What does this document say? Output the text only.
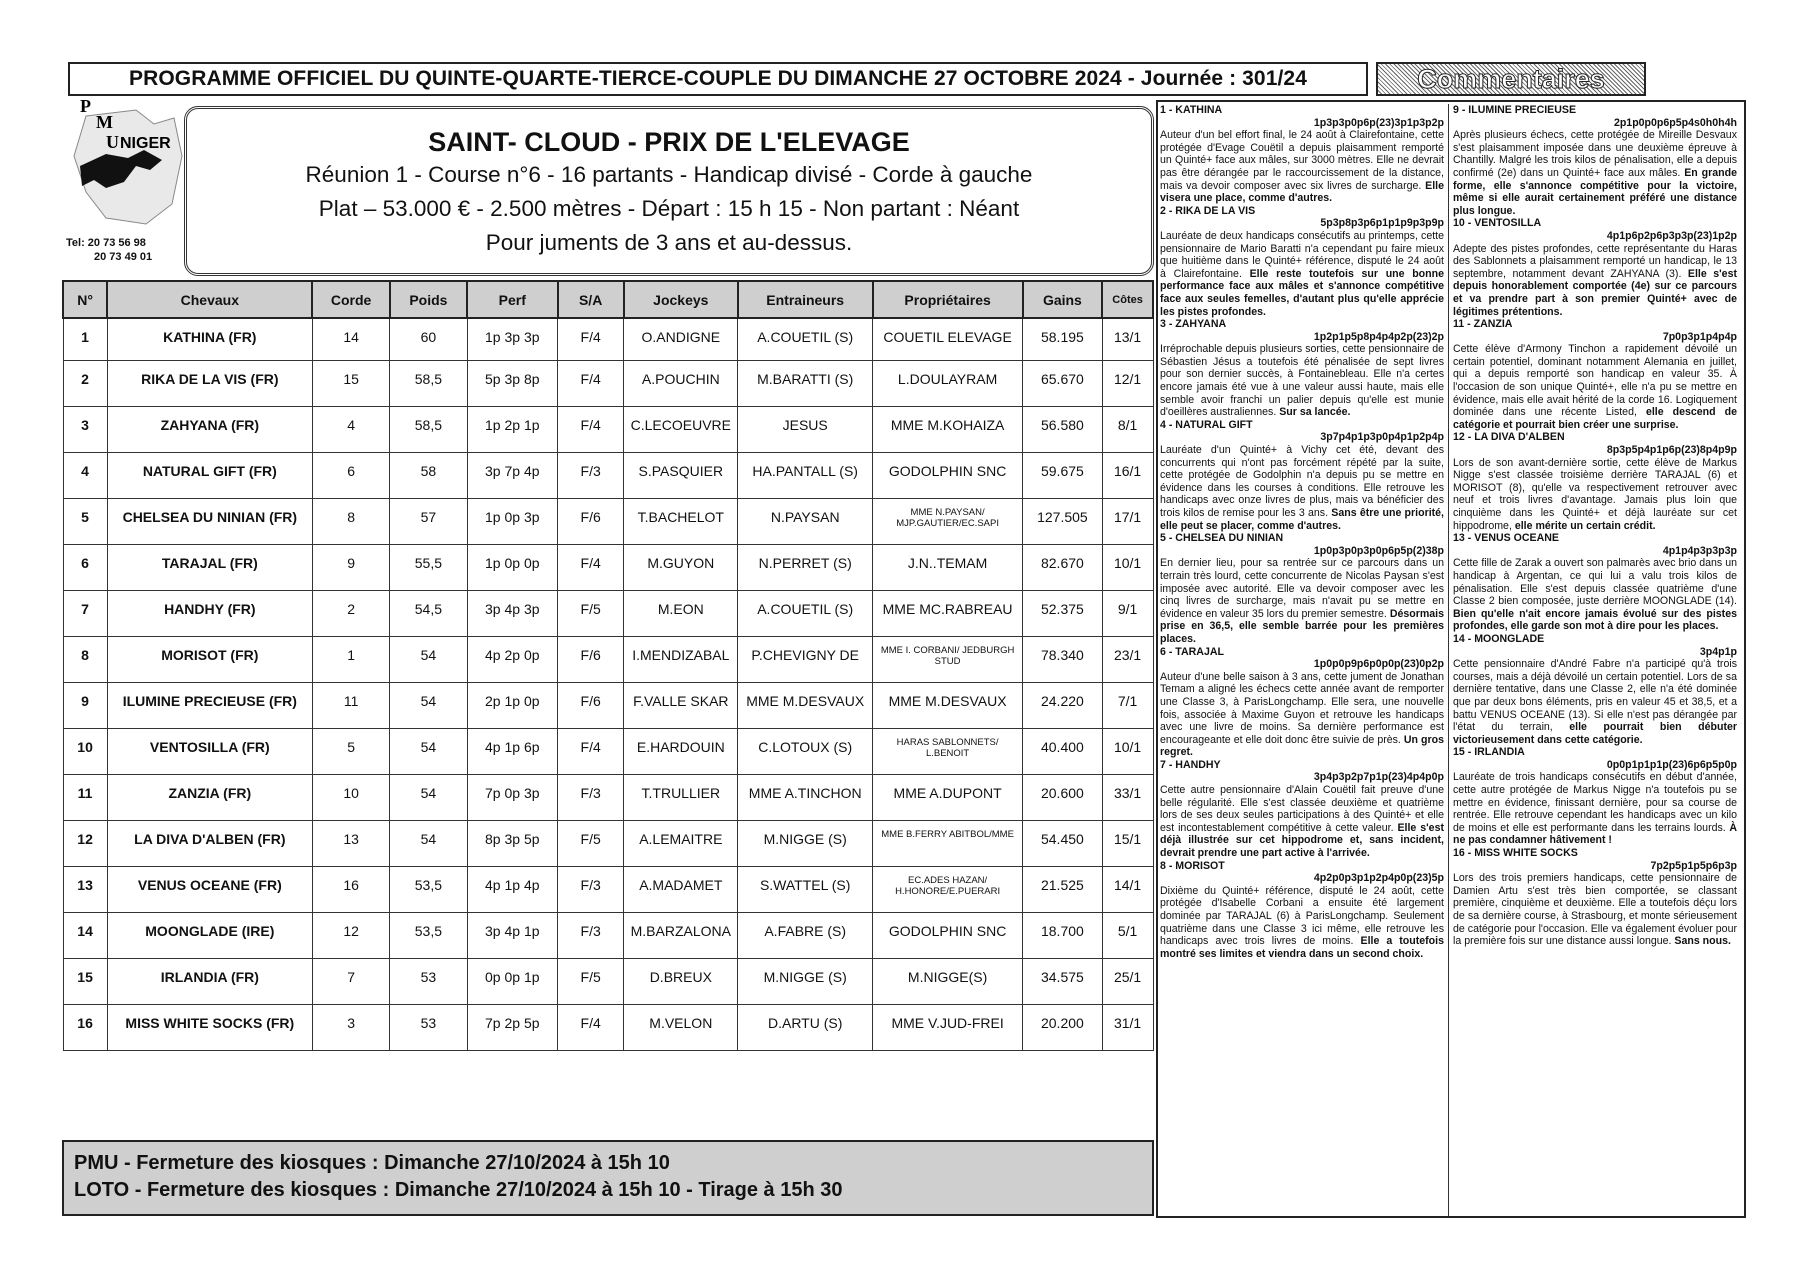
PROGRAMME OFFICIEL DU QUINTE-QUARTE-TIERCE-COUPLE DU DIMANCHE 27 OCTOBRE 2024 - Journée : 301/24	Commentaires
P
M
U NIGER
Tel: 20 73 56 98
20 73 49 01
SAINT- CLOUD - PRIX DE L'ELEVAGE
Réunion 1 - Course n°6 - 16 partants - Handicap divisé - Corde à gauche
Plat – 53.000 € - 2.500 mètres - Départ : 15 h 15 - Non partant : Néant
Pour juments de 3 ans et au-dessus.
N°	Chevaux	Corde	Poids	Perf	S/A	Jockeys	Entraineurs	Propriétaires	Gains	Côtes
1	KATHINA (FR)	14	60	1p 3p 3p	F/4	O.ANDIGNE	A.COUETIL (S)	COUETIL ELEVAGE	58.195	13/1
2	RIKA DE LA VIS (FR)	15	58,5	5p 3p 8p	F/4	A.POUCHIN	M.BARATTI (S)	L.DOULAYRAM	65.670	12/1
3	ZAHYANA (FR)	4	58,5	1p 2p 1p	F/4	C.LECOEUVRE	JESUS	MME M.KOHAIZA	56.580	8/1
4	NATURAL GIFT (FR)	6	58	3p 7p 4p	F/3	S.PASQUIER	HA.PANTALL (S)	GODOLPHIN SNC	59.675	16/1
5	CHELSEA DU NINIAN (FR)	8	57	1p 0p 3p	F/6	T.BACHELOT	N.PAYSAN	MME N.PAYSAN/ MJP.GAUTIER/EC.SAPI	127.505	17/1
6	TARAJAL (FR)	9	55,5	1p 0p 0p	F/4	M.GUYON	N.PERRET (S)	J.N..TEMAM	82.670	10/1
7	HANDHY (FR)	2	54,5	3p 4p 3p	F/5	M.EON	A.COUETIL (S)	MME MC.RABREAU	52.375	9/1
8	MORISOT (FR)	1	54	4p 2p 0p	F/6	I.MENDIZABAL	P.CHEVIGNY DE	MME I. CORBANI/ JEDBURGH STUD	78.340	23/1
9	ILUMINE PRECIEUSE (FR)	11	54	2p 1p 0p	F/6	F.VALLE SKAR	MME M.DESVAUX	MME M.DESVAUX	24.220	7/1
10	VENTOSILLA (FR)	5	54	4p 1p 6p	F/4	E.HARDOUIN	C.LOTOUX (S)	HARAS SABLONNETS/ L.BENOIT	40.400	10/1
11	ZANZIA (FR)	10	54	7p 0p 3p	F/3	T.TRULLIER	MME A.TINCHON	MME A.DUPONT	20.600	33/1
12	LA DIVA D'ALBEN (FR)	13	54	8p 3p 5p	F/5	A.LEMAITRE	M.NIGGE (S)	MME B.FERRY ABITBOL/MME	54.450	15/1
13	VENUS OCEANE (FR)	16	53,5	4p 1p 4p	F/3	A.MADAMET	S.WATTEL (S)	EC.ADES HAZAN/ H.HONORE/E.PUERARI	21.525	14/1
14	MOONGLADE (IRE)	12	53,5	3p 4p 1p	F/3	M.BARZALONA	A.FABRE (S)	GODOLPHIN SNC	18.700	5/1
15	IRLANDIA (FR)	7	53	0p 0p 1p	F/5	D.BREUX	M.NIGGE (S)	M.NIGGE(S)	34.575	25/1
16	MISS WHITE SOCKS (FR)	3	53	7p 2p 5p	F/4	M.VELON	D.ARTU (S)	MME V.JUD-FREI	20.200	31/1
PMU - Fermeture des kiosques : Dimanche 27/10/2024 à 15h 10
LOTO - Fermeture des kiosques : Dimanche 27/10/2024 à 15h 10 - Tirage à 15h 30
1 - KATHINA
1p3p3p0p6p(23)3p1p3p2p
Auteur d'un bel effort final, le 24 août à Clairefontaine, cette protégée d'Evage Couëtil a depuis plaisamment remporté un Quinté+ face aux mâles, sur 3000 mètres. Elle ne devrait pas être dérangée par le raccourcissement de la distance, mais va devoir composer avec six livres de surcharge. Elle visera une place, comme d'autres.
2 - RIKA DE LA VIS
5p3p8p3p6p1p1p9p3p9p
Lauréate de deux handicaps consécutifs au printemps, cette pensionnaire de Mario Baratti n'a cependant pu faire mieux que huitième dans le Quinté+ référence, disputé le 24 août à Clairefontaine. Elle reste toutefois sur une bonne performance face aux mâles et s'annonce compétitive face aux seules femelles, d'autant plus qu'elle apprécie les pistes profondes.
3 - ZAHYANA
1p2p1p5p8p4p4p2p(23)2p
Irréprochable depuis plusieurs sorties, cette pensionnaire de Sébastien Jésus a toutefois été pénalisée de sept livres pour son dernier succès, à Fontainebleau. Elle n'a certes encore jamais été vue à une valeur aussi haute, mais elle semble avoir franchi un palier depuis qu'elle est munie d'oeillères australiennes. Sur sa lancée.
4 - NATURAL GIFT
3p7p4p1p3p0p4p1p2p4p
Lauréate d'un Quinté+ à Vichy cet été, devant des concurrents qui n'ont pas forcément répété par la suite, cette protégée de Godolphin n'a depuis pu se mettre en évidence dans les courses à conditions. Elle retrouve les handicaps avec onze livres de plus, mais va bénéficier des trois kilos de remise pour les 3 ans. Sans être une priorité, elle peut se placer, comme d'autres.
5 - CHELSEA DU NINIAN
1p0p3p0p3p0p6p5p(2)38p
En dernier lieu, pour sa rentrée sur ce parcours dans un terrain très lourd, cette concurrente de Nicolas Paysan s'est imposée avec autorité. Elle va devoir composer avec les cinq livres de surcharge, mais n'avait pu se mettre en évidence en valeur 35 lors du premier semestre. Désormais prise en 36,5, elle semble barrée pour les premières places.
6 - TARAJAL
1p0p0p9p6p0p0p(23)0p2p
Auteur d'une belle saison à 3 ans, cette jument de Jonathan Temam a aligné les échecs cette année avant de remporter une Classe 3, à ParisLongchamp. Elle sera, une nouvelle fois, associée à Maxime Guyon et retrouve les handicaps avec une livre de moins. Sa dernière performance est encourageante et elle doit donc être suivie de près. Un gros regret.
7 - HANDHY
3p4p3p2p7p1p(23)4p4p0p
Cette autre pensionnaire d'Alain Couëtil fait preuve d'une belle régularité. Elle s'est classée deuxième et quatrième lors de ses deux seules participations à des Quinté+ et elle est incontestablement compétitive à cette valeur. Elle s'est déjà illustrée sur cet hippodrome et, sans incident, devrait prendre une part active à l'arrivée.
8 - MORISOT
4p2p0p3p1p2p4p0p(23)5p
Dixième du Quinté+ référence, disputé le 24 août, cette protégée d'Isabelle Corbani a ensuite été largement dominée par TARAJAL (6) à ParisLongchamp. Seulement quatrième dans une Classe 3 ici même, elle retrouve les handicaps avec trois livres de moins. Elle a toutefois montré ses limites et viendra dans un second choix.
9 - ILUMINE PRECIEUSE
2p1p0p0p6p5p4s0h0h4h
Après plusieurs échecs, cette protégée de Mireille Desvaux s'est plaisamment imposée dans une deuxième épreuve à Chantilly. Malgré les trois kilos de pénalisation, elle a depuis confirmé (2e) dans un Quinté+ face aux mâles. En grande forme, elle s'annonce compétitive pour la victoire, même si elle aurait certainement préféré une distance plus longue.
10 - VENTOSILLA
4p1p6p2p6p3p3p(23)1p2p
Adepte des pistes profondes, cette représentante du Haras des Sablonnets a plaisamment remporté un handicap, le 13 septembre, notamment devant ZAHYANA (3). Elle s'est depuis honorablement comportée (4e) sur ce parcours et va prendre part à son premier Quinté+ avec de légitimes prétentions.
11 - ZANZIA
7p0p3p1p4p4p
Cette élève d'Armony Tinchon a rapidement dévoilé un certain potentiel, dominant notamment Alemania en juillet, qui a depuis remporté son handicap en valeur 35. À l'occasion de son unique Quinté+, elle n'a pu se mettre en évidence, mais elle avait hérité de la corde 16. Logiquement dominée dans une récente Listed, elle descend de catégorie et pourrait bien créer une surprise.
12 - LA DIVA D'ALBEN
8p3p5p4p1p6p(23)8p4p9p
Lors de son avant-dernière sortie, cette élève de Markus Nigge s'est classée troisième derrière TARAJAL (6) et MORISOT (8), qu'elle va respectivement retrouver avec neuf et trois livres d'avantage. Jamais plus loin que cinquième dans les Quinté+ et déjà lauréate sur cet hippodrome, elle mérite un certain crédit.
13 - VENUS OCEANE
4p1p4p3p3p3p
Cette fille de Zarak a ouvert son palmarès avec brio dans un handicap à Argentan, ce qui lui a valu trois kilos de pénalisation. Elle s'est depuis classée quatrième d'une Classe 2 bien composée, juste derrière MOONGLADE (14). Bien qu'elle n'ait encore jamais évolué sur des pistes profondes, elle garde son mot à dire pour les places.
14 - MOONGLADE
3p4p1p
Cette pensionnaire d'André Fabre n'a participé qu'à trois courses, mais a déjà dévoilé un certain potentiel. Lors de sa dernière tentative, dans une Classe 2, elle n'a été dominée que par deux bons éléments, pris en valeur 45 et 38,5, et a battu VENUS OCEANE (13). Si elle n'est pas dérangée par l'état du terrain, elle pourrait bien débuter victorieusement dans cette catégorie.
15 - IRLANDIA
0p0p1p1p1p(23)6p6p5p0p
Lauréate de trois handicaps consécutifs en début d'année, cette autre protégée de Markus Nigge n'a toutefois pu se mettre en évidence, finissant dernière, pour sa course de rentrée. Elle retrouve cependant les handicaps avec un kilo de moins et elle est performante dans les terrains lourds. À ne pas condamner hâtivement !
16 - MISS WHITE SOCKS
7p2p5p1p5p6p3p
Lors des trois premiers handicaps, cette pensionnaire de Damien Artu s'est très bien comportée, se classant première, cinquième et deuxième. Elle a toutefois déçu lors de sa dernière course, à Strasbourg, et monte sérieusement de catégorie pour l'occasion. Elle va également évoluer pour la première fois sur une distance aussi longue. Sans nous.
